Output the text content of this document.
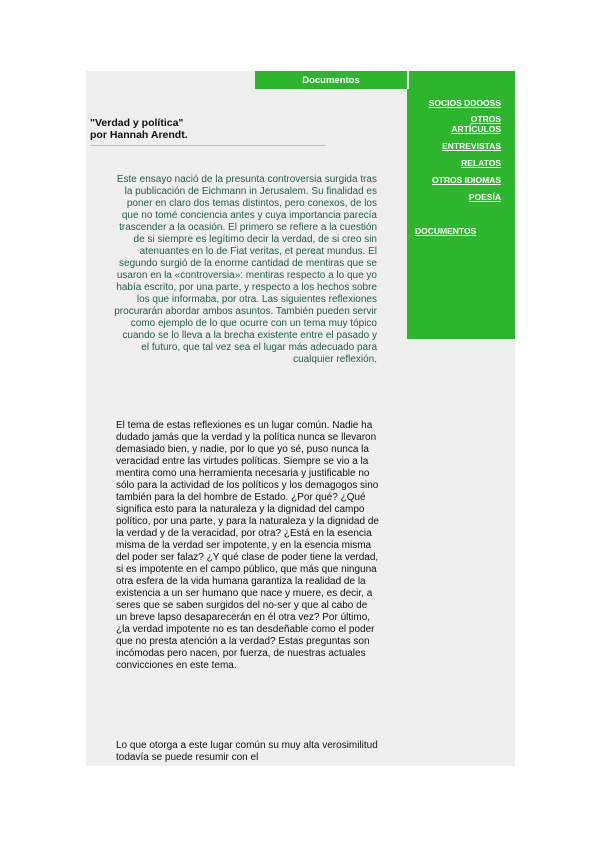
Documentos
SOCIOS DDOOSS
OTROS ARTÍCULOS
ENTREVISTAS
RELATOS
OTROS IDIOMAS
POESÍA
DOCUMENTOS
"Verdad y política"
por Hannah Arendt.
Este ensayo nació de la presunta controversia surgida tras la publicación de Eichmann in Jerusalem. Su finalidad es poner en claro dos temas distintos, pero conexos, de los que no tomé conciencia antes y cuya importancia parecía trascender a la ocasión. El primero se refiere a la cuestión de si siempre es legítimo decir la verdad, de si creo sin atenuantes en lo de Fiat veritas, et pereat mundus. El segundo surgió de la enorme cantidad de mentiras que se usaron en la «controversia»: mentiras respecto a lo que yo había escrito, por una parte, y respecto a los hechos sobre los que informaba, por otra. Las siguientes reflexiones procurarán abordar ambos asuntos. También pueden servir como ejemplo de lo que ocurre con un tema muy tópico cuando se lo lleva a la brecha existente entre el pasado y el futuro, que tal vez sea el lugar más adecuado para cualquier reflexión.
El tema de estas reflexiones es un lugar común. Nadie ha dudado jamás que la verdad y la política nunca se llevaron demasiado bien, y nadie, por lo que yo sé, puso nunca la veracidad entre las virtudes políticas. Siempre se vio a la mentira como una herramienta necesaria y justificable no sólo para la actividad de los políticos y los demagogos sino también para la del hombre de Estado. ¿Por qué? ¿Qué significa esto para la naturaleza y la dignidad del campo político, por una parte, y para la naturaleza y la dignidad de la verdad y de la veracidad, por otra? ¿Está en la esencia misma de la verdad ser impotente, y en la esencia misma del poder ser falaz? ¿Y qué clase de poder tiene la verdad, si es impotente en el campo público, que más que ninguna otra esfera de la vida humana garantiza la realidad de la existencia a un ser humano que nace y muere, es decir, a seres que se saben surgidos del no-ser y que al cabo de un breve lapso desaparecerán en él otra vez? Por último, ¿la verdad impotente no es tan desdeñable como el poder que no presta atención a la verdad? Estas preguntas son incómodas pero nacen, por fuerza, de nuestras actuales convicciones en este tema.
Lo que otorga a este lugar común su muy alta verosimilitud todavía se puede resumir con el
